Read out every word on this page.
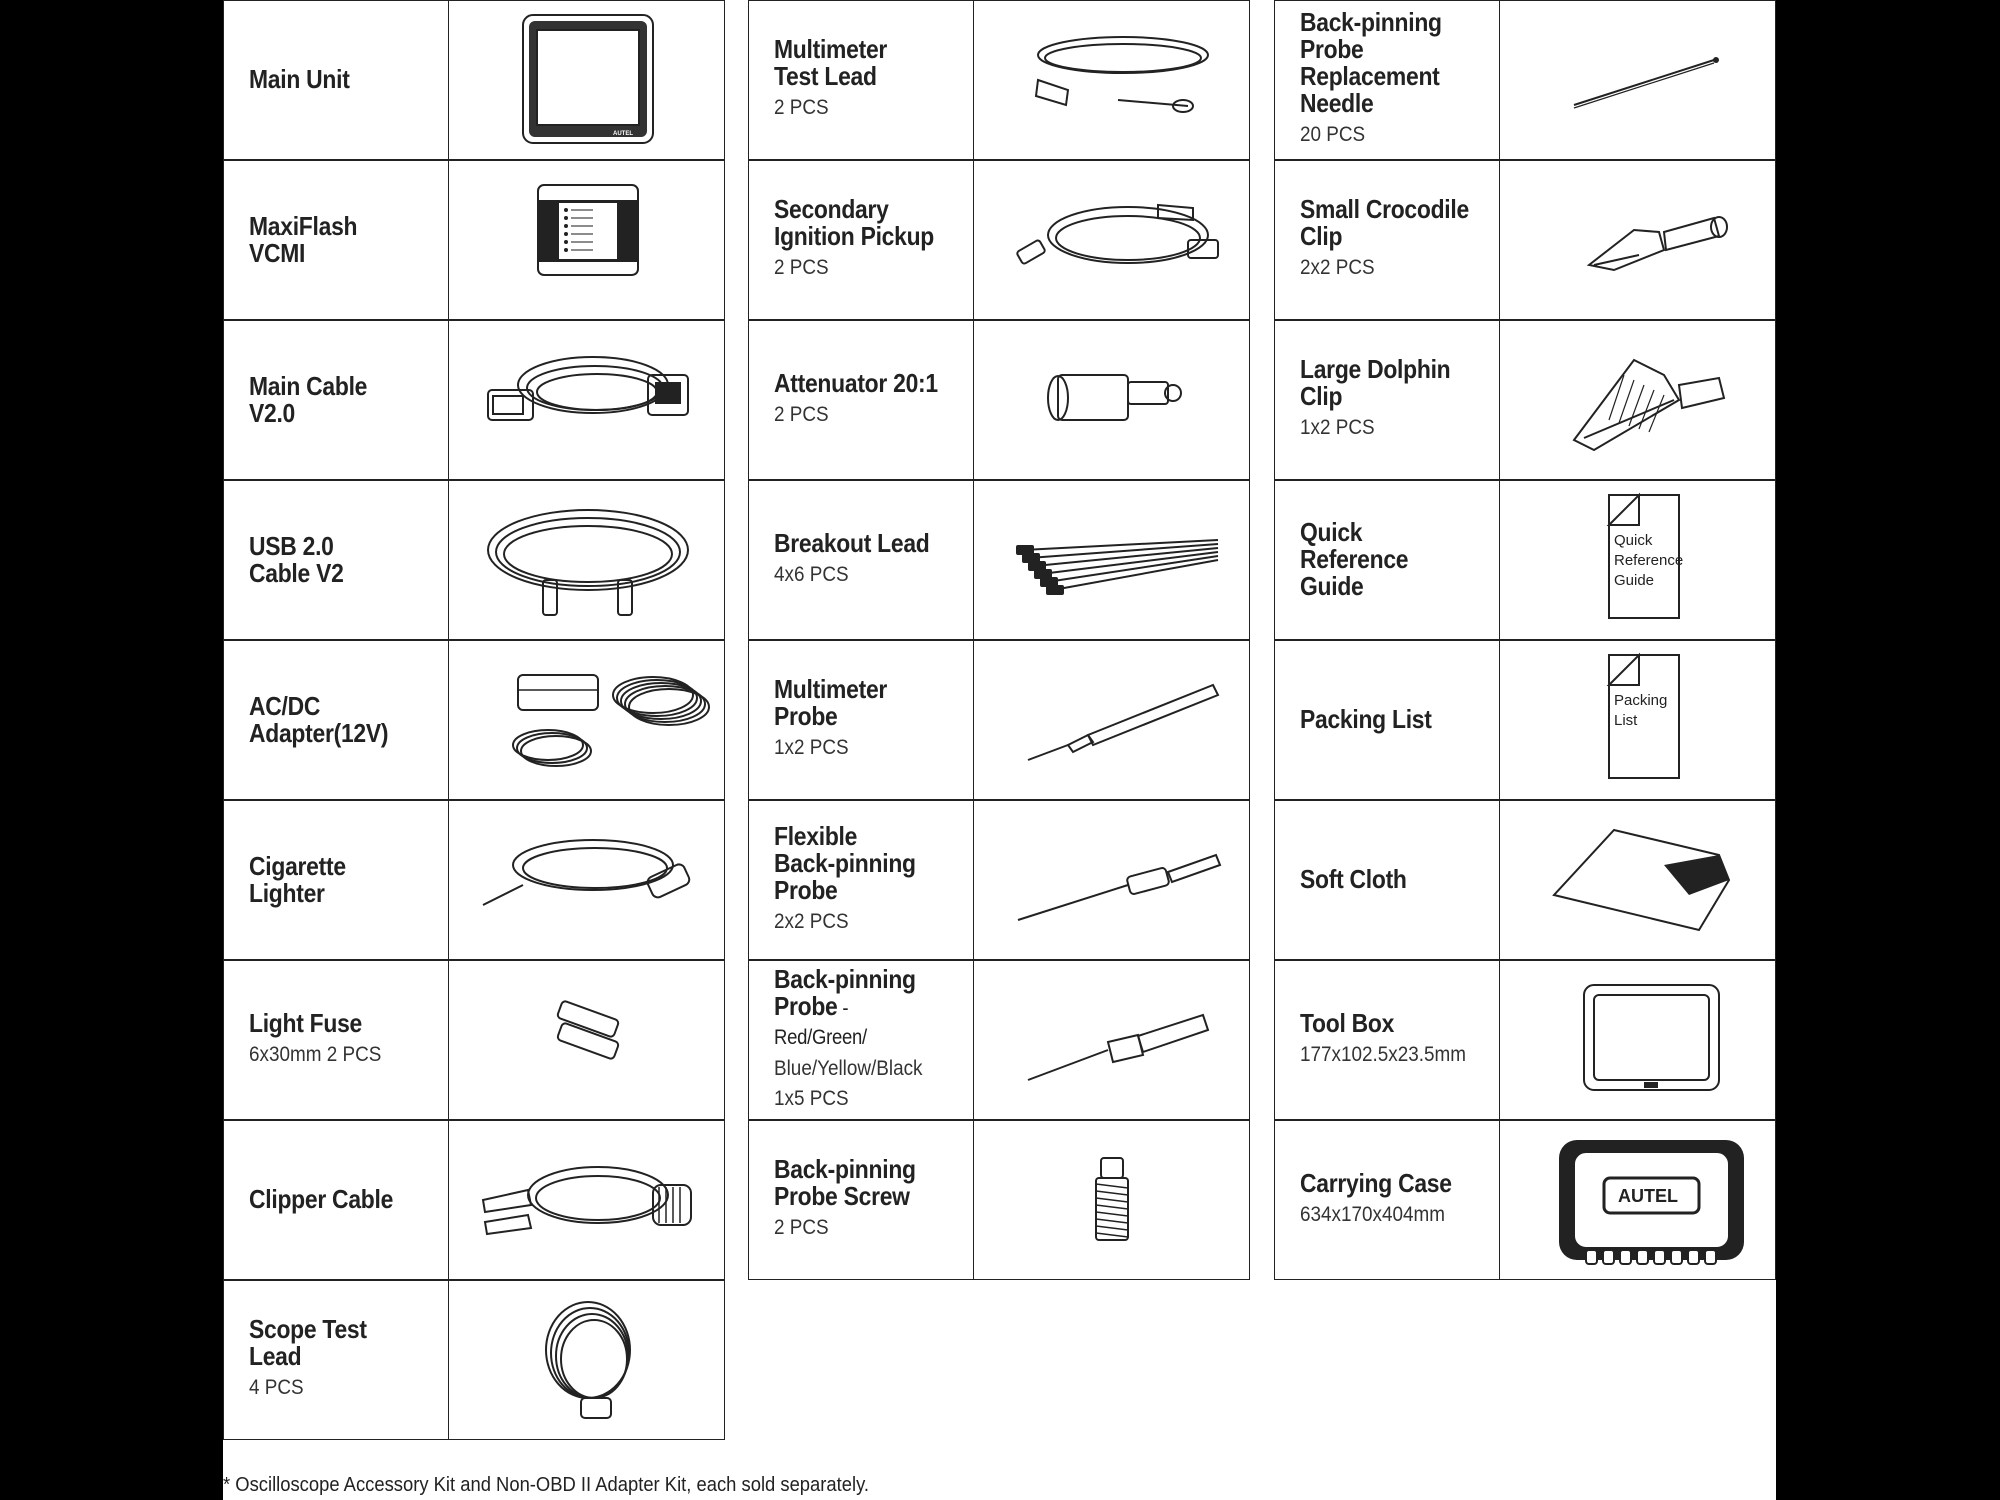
Main Unit
AUTEL
MaxiFlash VCMI
Main Cable V2.0
USB 2.0
Cable V2
AC/DC
Adapter(12V)
Cigarette Lighter
Light Fuse
6x30mm 2 PCS
Clipper Cable
Scope Test Lead
4 PCS
Multimeter
Test Lead
2 PCS
Secondary
Ignition Pickup
2 PCS
Attenuator 20:1
2 PCS
Breakout Lead
4x6 PCS
Multimeter
Probe
1x2 PCS
Flexible
Back-pinning
Probe
2x2 PCS
Back-pinning
Probe - Red/Green/
Blue/Yellow/Black
1x5 PCS
Back-pinning
Probe Screw
2 PCS
Back-pinning
Probe
Replacement
Needle
20 PCS
Small Crocodile
Clip
2x2 PCS
Large Dolphin
Clip
1x2 PCS
Quick Reference
Guide
Quick
Reference
Guide
Packing List
Packing
List
Soft Cloth
Tool Box
177x102.5x23.5mm
Carrying Case
634x170x404mm
AUTEL
* Oscilloscope Accessory Kit and Non-OBD II Adapter Kit, each sold separately.
